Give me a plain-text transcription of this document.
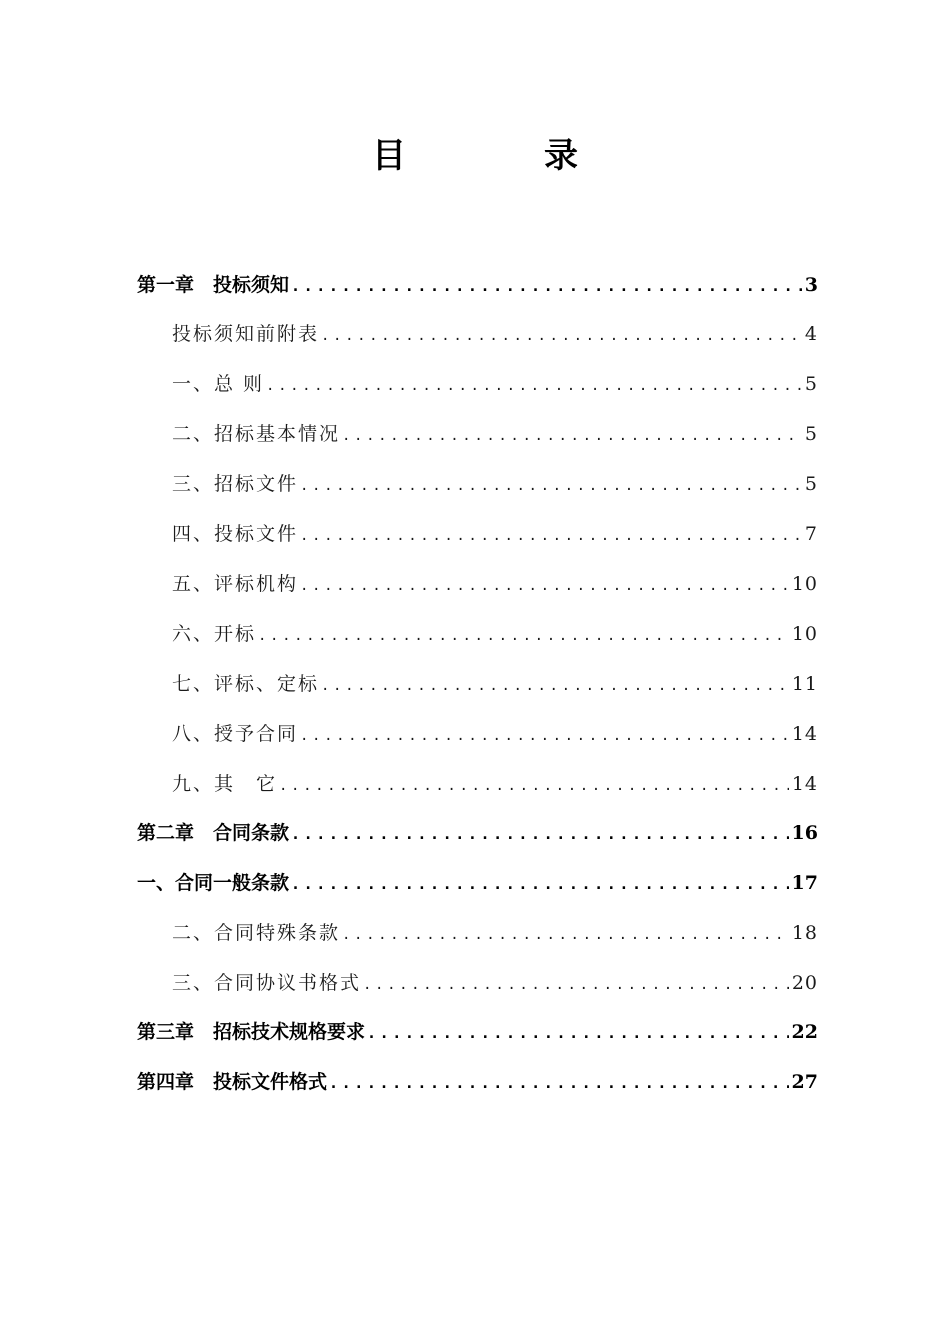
目　录
第一章　投标须知 .....	3
投标须知前附表 .....	4
一、总 则 .....	5
二、招标基本情况 .....	5
三、招标文件 .....	5
四、投标文件 .....	7
五、评标机构 .....	10
六、开标 .....	10
七、评标、定标 .....	11
八、授予合同 .....	14
九、其　它 .....	14
第二章　合同条款 .....	16
一、合同一般条款 .....	17
二、合同特殊条款 .....	18
三、合同协议书格式 .....	20
第三章　招标技术规格要求 .....	22
第四章　投标文件格式 .....	27
